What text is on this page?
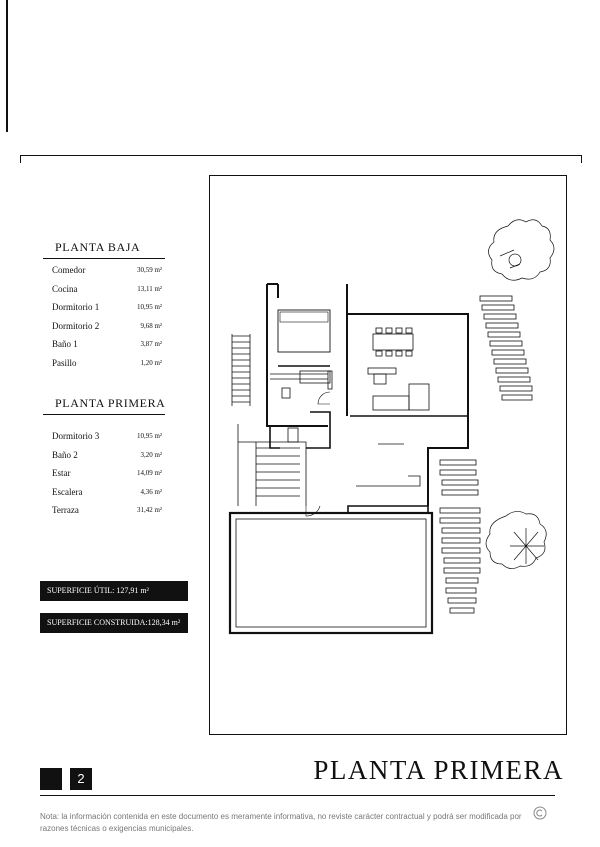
PLANTA BAJA
Comedor	30,59 m²
Cocina	13,11 m²
Dormitorio 1	10,95 m²
Dormitorio 2	9,68 m²
Baño 1	3,87 m²
Pasillo	1,20 m²
PLANTA PRIMERA
Dormitorio 3	10,95 m²
Baño 2	3,20 m²
Estar	14,09 m²
Escalera	4,36 m²
Terraza	31,42 m²
SUPERFICIE ÚTIL: 127,91 m²
SUPERFICIE CONSTRUIDA:128,34 m²
2	PLANTA PRIMERA
Nota: la información contenida en este documento es meramente informativa, no reviste carácter contractual y podrá ser modificada por razones técnicas o exigencias municipales.
